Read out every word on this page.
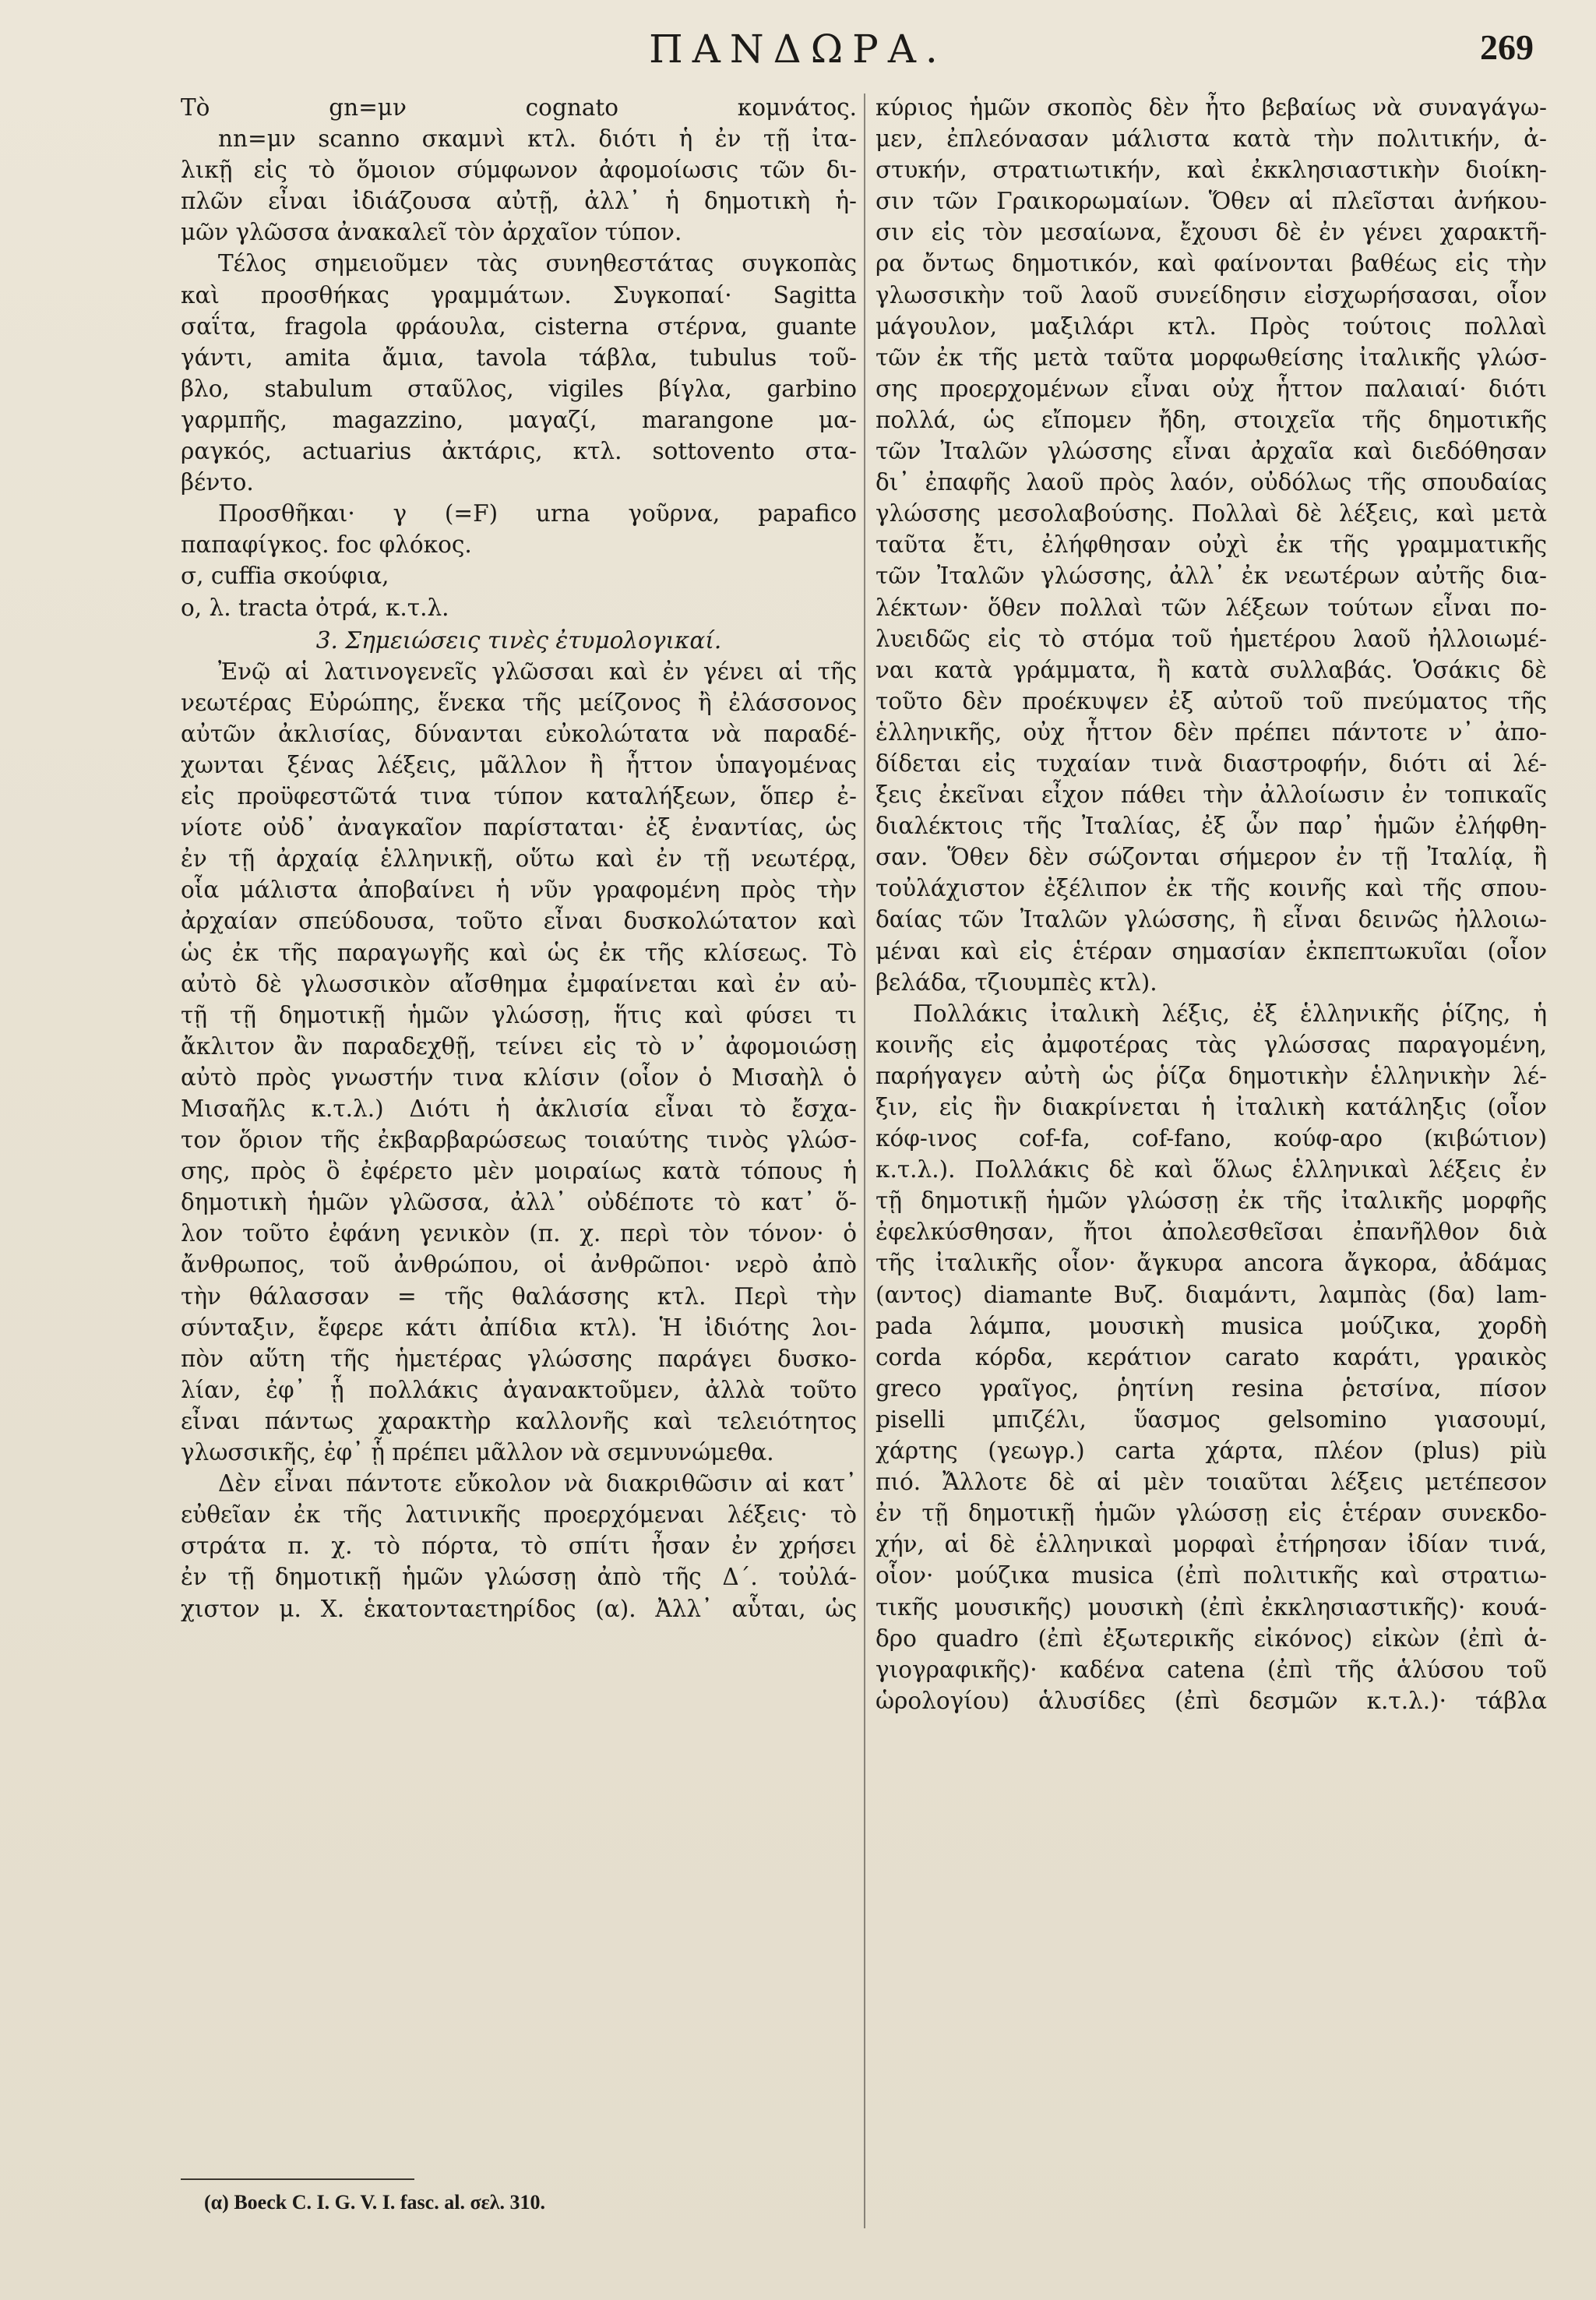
ΠΑΝΔΩΡΑ.	269
Τὸ gn=μν cognato κομνάτος.
nn=μν scanno σκαμνὶ κτλ. διότι ἡ ἐν τῇ ἰτα-
λικῇ εἰς τὸ ὅμοιον σύμφωνον ἀφομοίωσις τῶν δι-
πλῶν εἶναι ἰδιάζουσα αὐτῇ, ἀλλ᾿ ἡ δημοτικὴ ἡ-
μῶν γλῶσσα ἀνακαλεῖ τὸν ἀρχαῖον τύπον.
Τέλος σημειοῦμεν τὰς συνηθεστάτας συγκοπὰς
καὶ προσθήκας γραμμάτων. Συγκοπαί· Sagitta
σαΐτα, fragola φράουλα, cisterna στέρνα, guante
γάντι, amita ἄμια, tavola τάβλα, tubulus τοῦ-
βλο, stabulum σταῦλος, vigiles βίγλα, garbino
γαρμπῆς, magazzino, μαγαζί, marangone μα-
ραγκός, actuarius ἀκτάρις, κτλ. sottovento στα-
βέντο.
Προσθῆκαι· γ (=F) urna γοῦρνα, papafico
παπαφίγκος. foc φλόκος.
σ, cuffia σκούφια,
ο, λ. tracta ὀτρά, κ.τ.λ.
3. Σημειώσεις τινὲς ἐτυμολογικαί.
Ἐνῷ αἱ λατινογενεῖς γλῶσσαι καὶ ἐν γένει αἱ τῆς
νεωτέρας Εὐρώπης, ἕνεκα τῆς μείζονος ἢ ἐλάσσονος
αὐτῶν ἀκλισίας, δύνανται εὐκολώτατα νὰ παραδέ-
χωνται ξένας λέξεις, μᾶλλον ἢ ἧττον ὑπαγομένας
εἰς προϋφεστῶτά τινα τύπον καταλήξεων, ὅπερ ἐ-
νίοτε οὐδ᾿ ἀναγκαῖον παρίσταται· ἐξ ἐναντίας, ὡς
ἐν τῇ ἀρχαίᾳ ἑλληνικῇ, οὕτω καὶ ἐν τῇ νεωτέρᾳ,
οἷα μάλιστα ἀποβαίνει ἡ νῦν γραφομένη πρὸς τὴν
ἀρχαίαν σπεύδουσα, τοῦτο εἶναι δυσκολώτατον καὶ
ὡς ἐκ τῆς παραγωγῆς καὶ ὡς ἐκ τῆς κλίσεως. Τὸ
αὐτὸ δὲ γλωσσικὸν αἴσθημα ἐμφαίνεται καὶ ἐν αὐ-
τῇ τῇ δημοτικῇ ἡμῶν γλώσσῃ, ἥτις καὶ φύσει τι
ἄκλιτον ἂν παραδεχθῇ, τείνει εἰς τὸ ν᾿ ἀφομοιώσῃ
αὐτὸ πρὸς γνωστήν τινα κλίσιν (οἷον ὁ Μισαὴλ ὁ
Μισαῆλς κ.τ.λ.) Διότι ἡ ἀκλισία εἶναι τὸ ἔσχα-
τον ὅριον τῆς ἐκβαρβαρώσεως τοιαύτης τινὸς γλώσ-
σης, πρὸς ὃ ἐφέρετο μὲν μοιραίως κατὰ τόπους ἡ
δημοτικὴ ἡμῶν γλῶσσα, ἀλλ᾿ οὐδέποτε τὸ κατ᾿ ὅ-
λον τοῦτο ἐφάνη γενικὸν (π. χ. περὶ τὸν τόνον· ὁ
ἄνθρωπος, τοῦ ἀνθρώπου, οἱ ἀνθρῶποι· νερὸ ἀπὸ
τὴν θάλασσαν = τῆς θαλάσσης κτλ. Περὶ τὴν
σύνταξιν, ἔφερε κάτι ἀπίδια κτλ). Ἡ ἰδιότης λοι-
πὸν αὕτη τῆς ἡμετέρας γλώσσης παράγει δυσκο-
λίαν, ἐφ᾿ ᾗ πολλάκις ἀγανακτοῦμεν, ἀλλὰ τοῦτο
εἶναι πάντως χαρακτὴρ καλλονῆς καὶ τελειότητος
γλωσσικῆς, ἐφ᾿ ᾗ πρέπει μᾶλλον νὰ σεμνυνώμεθα.
Δὲν εἶναι πάντοτε εὔκολον νὰ διακριθῶσιν αἱ κατ᾿
εὐθεῖαν ἐκ τῆς λατινικῆς προερχόμεναι λέξεις· τὸ
στράτα π. χ. τὸ πόρτα, τὸ σπίτι ἦσαν ἐν χρήσει
ἐν τῇ δημοτικῇ ἡμῶν γλώσσῃ ἀπὸ τῆς Δ΄. τοὐλά-
χιστον μ. Χ. ἑκατονταετηρίδος (α). Ἀλλ᾿ αὗται, ὡς
κύριος ἡμῶν σκοπὸς δὲν ἦτο βεβαίως νὰ συναγάγω-
μεν, ἐπλεόνασαν μάλιστα κατὰ τὴν πολιτικήν, ἀ-
στυκήν, στρατιωτικήν, καὶ ἐκκλησιαστικὴν διοίκη-
σιν τῶν Γραικορωμαίων. Ὅθεν αἱ πλεῖσται ἀνήκου-
σιν εἰς τὸν μεσαίωνα, ἔχουσι δὲ ἐν γένει χαρακτῆ-
ρα ὄντως δημοτικόν, καὶ φαίνονται βαθέως εἰς τὴν
γλωσσικὴν τοῦ λαοῦ συνείδησιν εἰσχωρήσασαι, οἷον
μάγουλον, μαξιλάρι κτλ. Πρὸς τούτοις πολλαὶ
τῶν ἐκ τῆς μετὰ ταῦτα μορφωθείσης ἰταλικῆς γλώσ-
σης προερχομένων εἶναι οὐχ ἧττον παλαιαί· διότι
πολλά, ὡς εἴπομεν ἤδη, στοιχεῖα τῆς δημοτικῆς
τῶν Ἰταλῶν γλώσσης εἶναι ἀρχαῖα καὶ διεδόθησαν
δι᾿ ἐπαφῆς λαοῦ πρὸς λαόν, οὐδόλως τῆς σπουδαίας
γλώσσης μεσολαβούσης. Πολλαὶ δὲ λέξεις, καὶ μετὰ
ταῦτα ἔτι, ἐλήφθησαν οὐχὶ ἐκ τῆς γραμματικῆς
τῶν Ἰταλῶν γλώσσης, ἀλλ᾿ ἐκ νεωτέρων αὐτῆς δια-
λέκτων· ὅθεν πολλαὶ τῶν λέξεων τούτων εἶναι πο-
λυειδῶς εἰς τὸ στόμα τοῦ ἡμετέρου λαοῦ ἠλλοιωμέ-
ναι κατὰ γράμματα, ἢ κατὰ συλλαβάς. Ὁσάκις δὲ
τοῦτο δὲν προέκυψεν ἐξ αὐτοῦ τοῦ πνεύματος τῆς
ἑλληνικῆς, οὐχ ἧττον δὲν πρέπει πάντοτε ν᾿ ἀπο-
δίδεται εἰς τυχαίαν τινὰ διαστροφήν, διότι αἱ λέ-
ξεις ἐκεῖναι εἶχον πάθει τὴν ἀλλοίωσιν ἐν τοπικαῖς
διαλέκτοις τῆς Ἰταλίας, ἐξ ὧν παρ᾿ ἡμῶν ἐλήφθη-
σαν. Ὅθεν δὲν σώζονται σήμερον ἐν τῇ Ἰταλίᾳ, ἢ
τοὐλάχιστον ἐξέλιπον ἐκ τῆς κοινῆς καὶ τῆς σπου-
δαίας τῶν Ἰταλῶν γλώσσης, ἢ εἶναι δεινῶς ἠλλοιω-
μέναι καὶ εἰς ἑτέραν σημασίαν ἐκπεπτωκυῖαι (οἷον
βελάδα, τζιουμπὲς κτλ).
Πολλάκις ἰταλικὴ λέξις, ἐξ ἑλληνικῆς ῥίζης, ἡ
κοινῆς εἰς ἀμφοτέρας τὰς γλώσσας παραγομένη,
παρήγαγεν αὐτὴ ὡς ῥίζα δημοτικὴν ἑλληνικὴν λέ-
ξιν, εἰς ἣν διακρίνεται ἡ ἰταλικὴ κατάληξις (οἷον
κόφ-ινος cof-fa, cof-fano, κούφ-αρο (κιβώτιον)
κ.τ.λ.). Πολλάκις δὲ καὶ ὅλως ἑλληνικαὶ λέξεις ἐν
τῇ δημοτικῇ ἡμῶν γλώσσῃ ἐκ τῆς ἰταλικῆς μορφῆς
ἐφελκύσθησαν, ἤτοι ἀπολεσθεῖσαι ἐπανῆλθον διὰ
τῆς ἰταλικῆς οἷον· ἄγκυρα ancora ἄγκορα, ἀδάμας
(αντος) diamante Βυζ. διαμάντι, λαμπὰς (δα) lam-
pada λάμπα, μουσικὴ musica μούζικα, χορδὴ
corda κόρδα, κεράτιον carato καράτι, γραικὸς
greco γραῖγος, ῥητίνη resina ῥετσίνα, πίσον
piselli μπιζέλι, ὕασμος gelsomino γιασουμί,
χάρτης (γεωγρ.) carta χάρτα, πλέον (plus) più
πιό. Ἄλλοτε δὲ αἱ μὲν τοιαῦται λέξεις μετέπεσον
ἐν τῇ δημοτικῇ ἡμῶν γλώσσῃ εἰς ἑτέραν συνεκδο-
χήν, αἱ δὲ ἑλληνικαὶ μορφαὶ ἐτήρησαν ἰδίαν τινά,
οἷον· μούζικα musica (ἐπὶ πολιτικῆς καὶ στρατιω-
τικῆς μουσικῆς) μουσικὴ (ἐπὶ ἐκκλησιαστικῆς)· κουά-
δρο quadro (ἐπὶ ἐξωτερικῆς εἰκόνος) εἰκὼν (ἐπὶ ἁ-
γιογραφικῆς)· καδένα catena (ἐπὶ τῆς ἁλύσου τοῦ
ὡρολογίου) ἁλυσίδες (ἐπὶ δεσμῶν κ.τ.λ.)· τάβλα
(α) Boeck C. I. G. V. I. fasc. al. σελ. 310.
